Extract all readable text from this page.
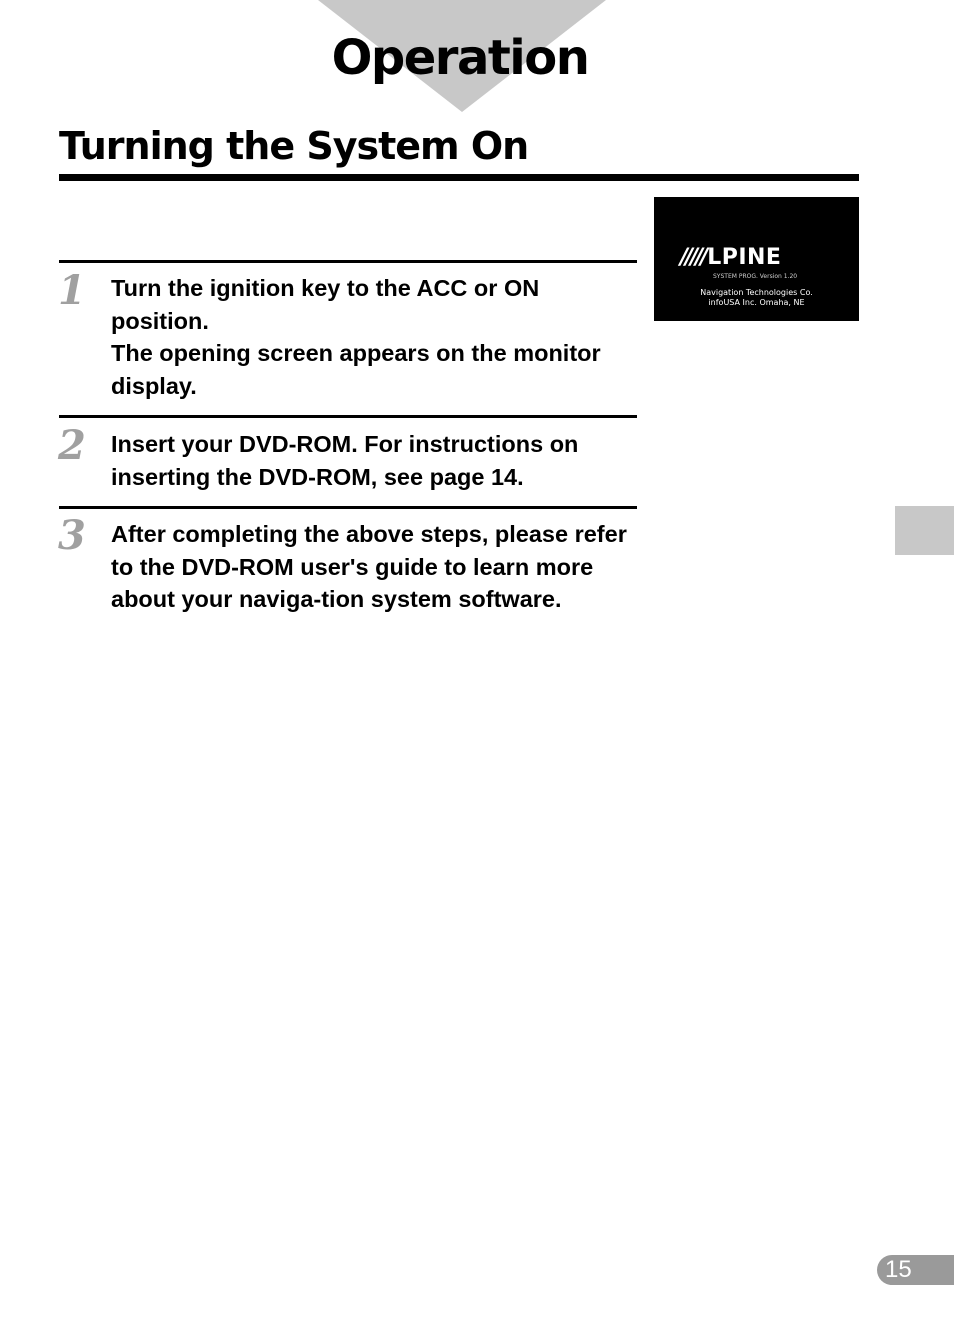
Operation
Turning the System On
/////LPINE
SYSTEM PROG. Version 1.20
Navigation Technologies Co.
infoUSA Inc. Omaha, NE
1 Turn the ignition key to the ACC or ON position.

The opening screen appears on the monitor display.

2 Insert your DVD-ROM. For instructions on inserting the DVD-ROM, see page 14.

3 After completing the above steps, please refer to the DVD-ROM user's guide to learn more about your naviga-tion system software.

15
